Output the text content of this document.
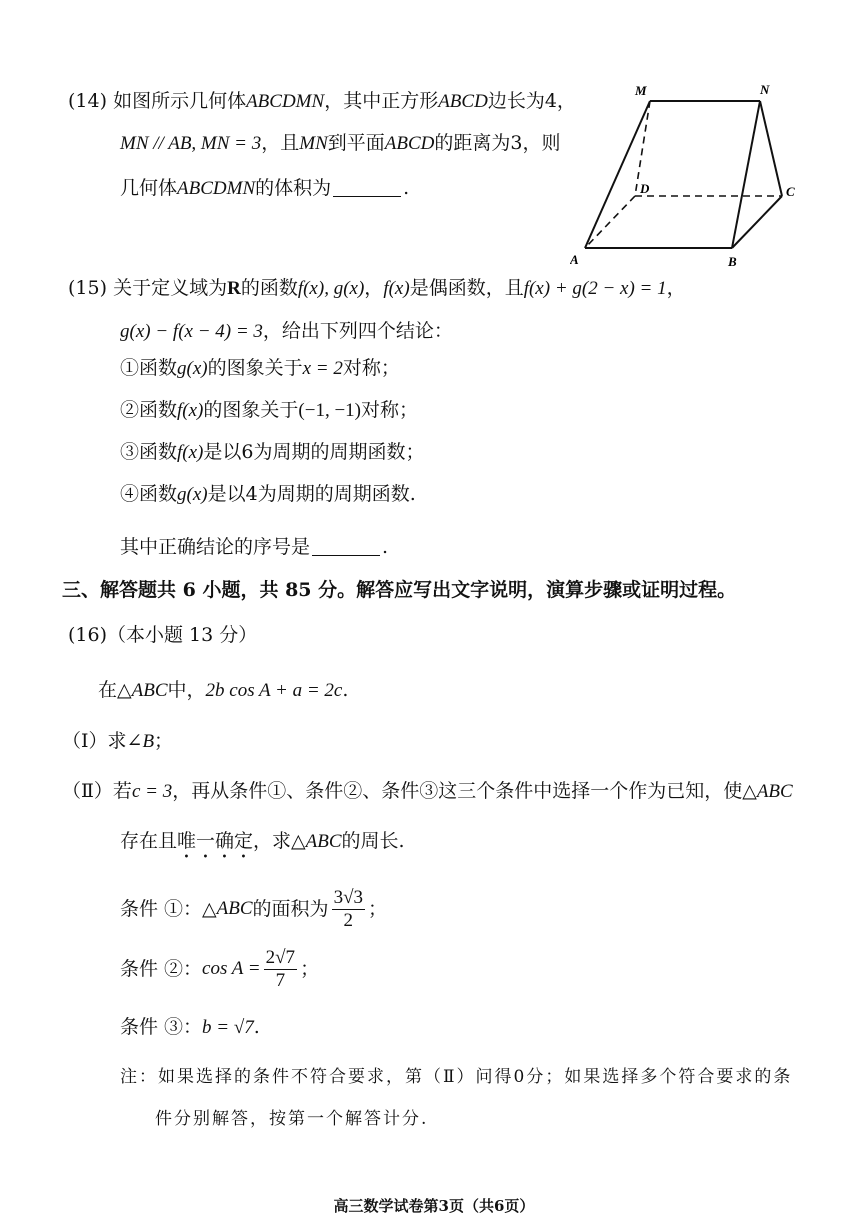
(14) 如图所示几何体ABCDMN，其中正方形ABCD边长为4，
MN // AB, MN = 3，且MN到平面ABCD的距离为3，则
几何体ABCDMN的体积为	.
M	N
D	C
A	B
(15) 关于定义域为R的函数f(x), g(x)，f(x)是偶函数，且f(x) + g(2 − x) = 1，
g(x) − f(x − 4) = 3，给出下列四个结论：
①函数g(x)的图象关于x = 2对称；
②函数f(x)的图象关于(−1, −1)对称；
③函数f(x)是以6为周期的周期函数；
④函数g(x)是以4为周期的周期函数.
其中正确结论的序号是	.
三、解答题共 6 小题，共 85 分。解答应写出文字说明，演算步骤或证明过程。
(16)（本小题 13 分）
在△ABC中，2b cos A + a = 2c.
（Ⅰ）求∠B；
（Ⅱ）若c = 3，再从条件①、条件②、条件③这三个条件中选择一个作为已知，使△ABC
存在且唯一确定，求△ABC的周长.
条件 ①：△ ABC 的面积为 $\frac{3√3}{2}$ ；
条件 ②： $\cos A = \frac{2√7}{7}$ ；
条件 ③：b = √7.
注：如果选择的条件不符合要求，第（Ⅱ）问得0分；如果选择多个符合要求的条
件分别解答，按第一个解答计分.
高三数学试卷第3页（共6页）
